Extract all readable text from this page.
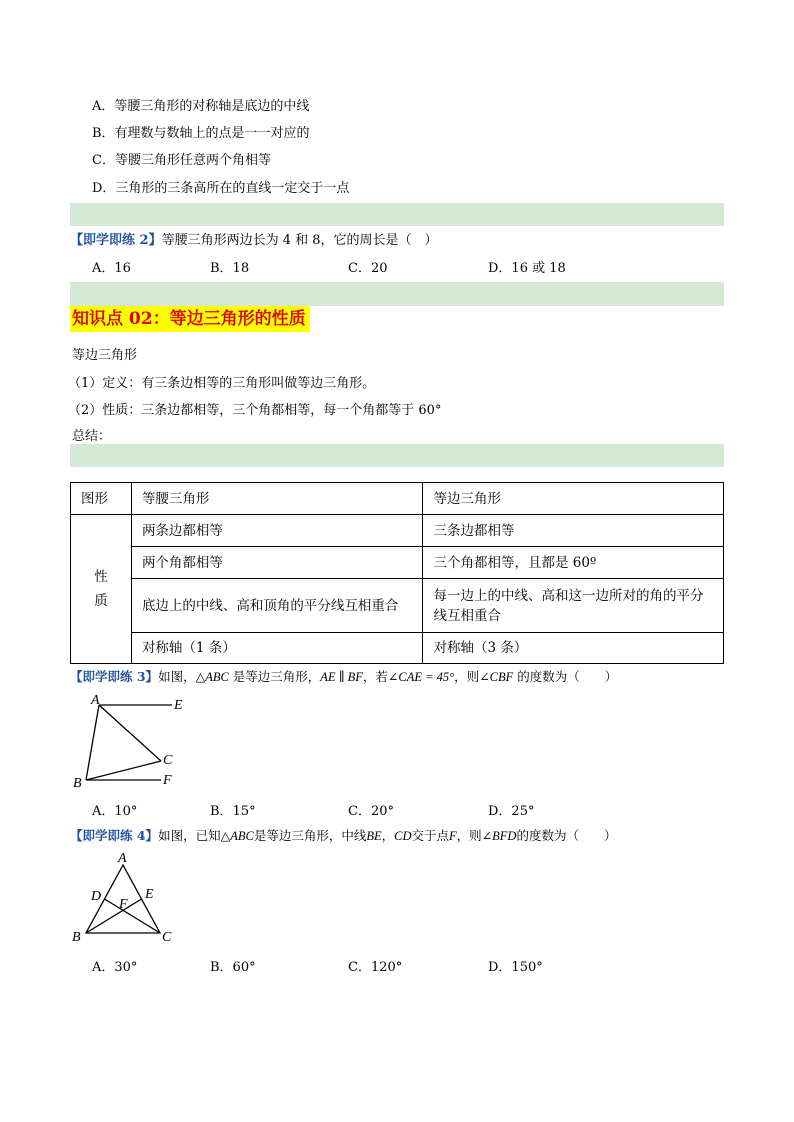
A．等腰三角形的对称轴是底边的中线
B．有理数与数轴上的点是一一对应的
C．等腰三角形任意两个角相等
D．三角形的三条高所在的直线一定交于一点
【即学即练 2】等腰三角形两边长为 4 和 8，它的周长是（　）
A．16	B．18	C．20	D．16 或 18
知识点 02：等边三角形的性质
等边三角形
（1）定义：有三条边相等的三角形叫做等边三角形。
（2）性质：三条边都相等，三个角都相等，每一个角都等于 60°
总结：
图形	等腰三角形	等边三角形
性
质	两条边都相等	三条边都相等
	两个角都相等	三个角都相等，且都是 60º
	底边上的中线、高和顶角的平分线互相重合	每一边上的中线、高和这一边所对的角的平分线互相重合
	对称轴（1 条）	对称轴（3 条）
【即学即练 3】如图，△ABC 是等边三角形，AE ∥ BF，若∠CAE = 45°，则∠CBF 的度数为（　　）
A	E
C
B	F
A．10°	B．15°	C．20°	D．25°
【即学即练 4】如图，已知△ABC是等边三角形，中线BE，CD交于点F，则∠BFD的度数为（　　）
A
D	E
F
B	C
A．30°	B．60°	C．120°	D．150°
